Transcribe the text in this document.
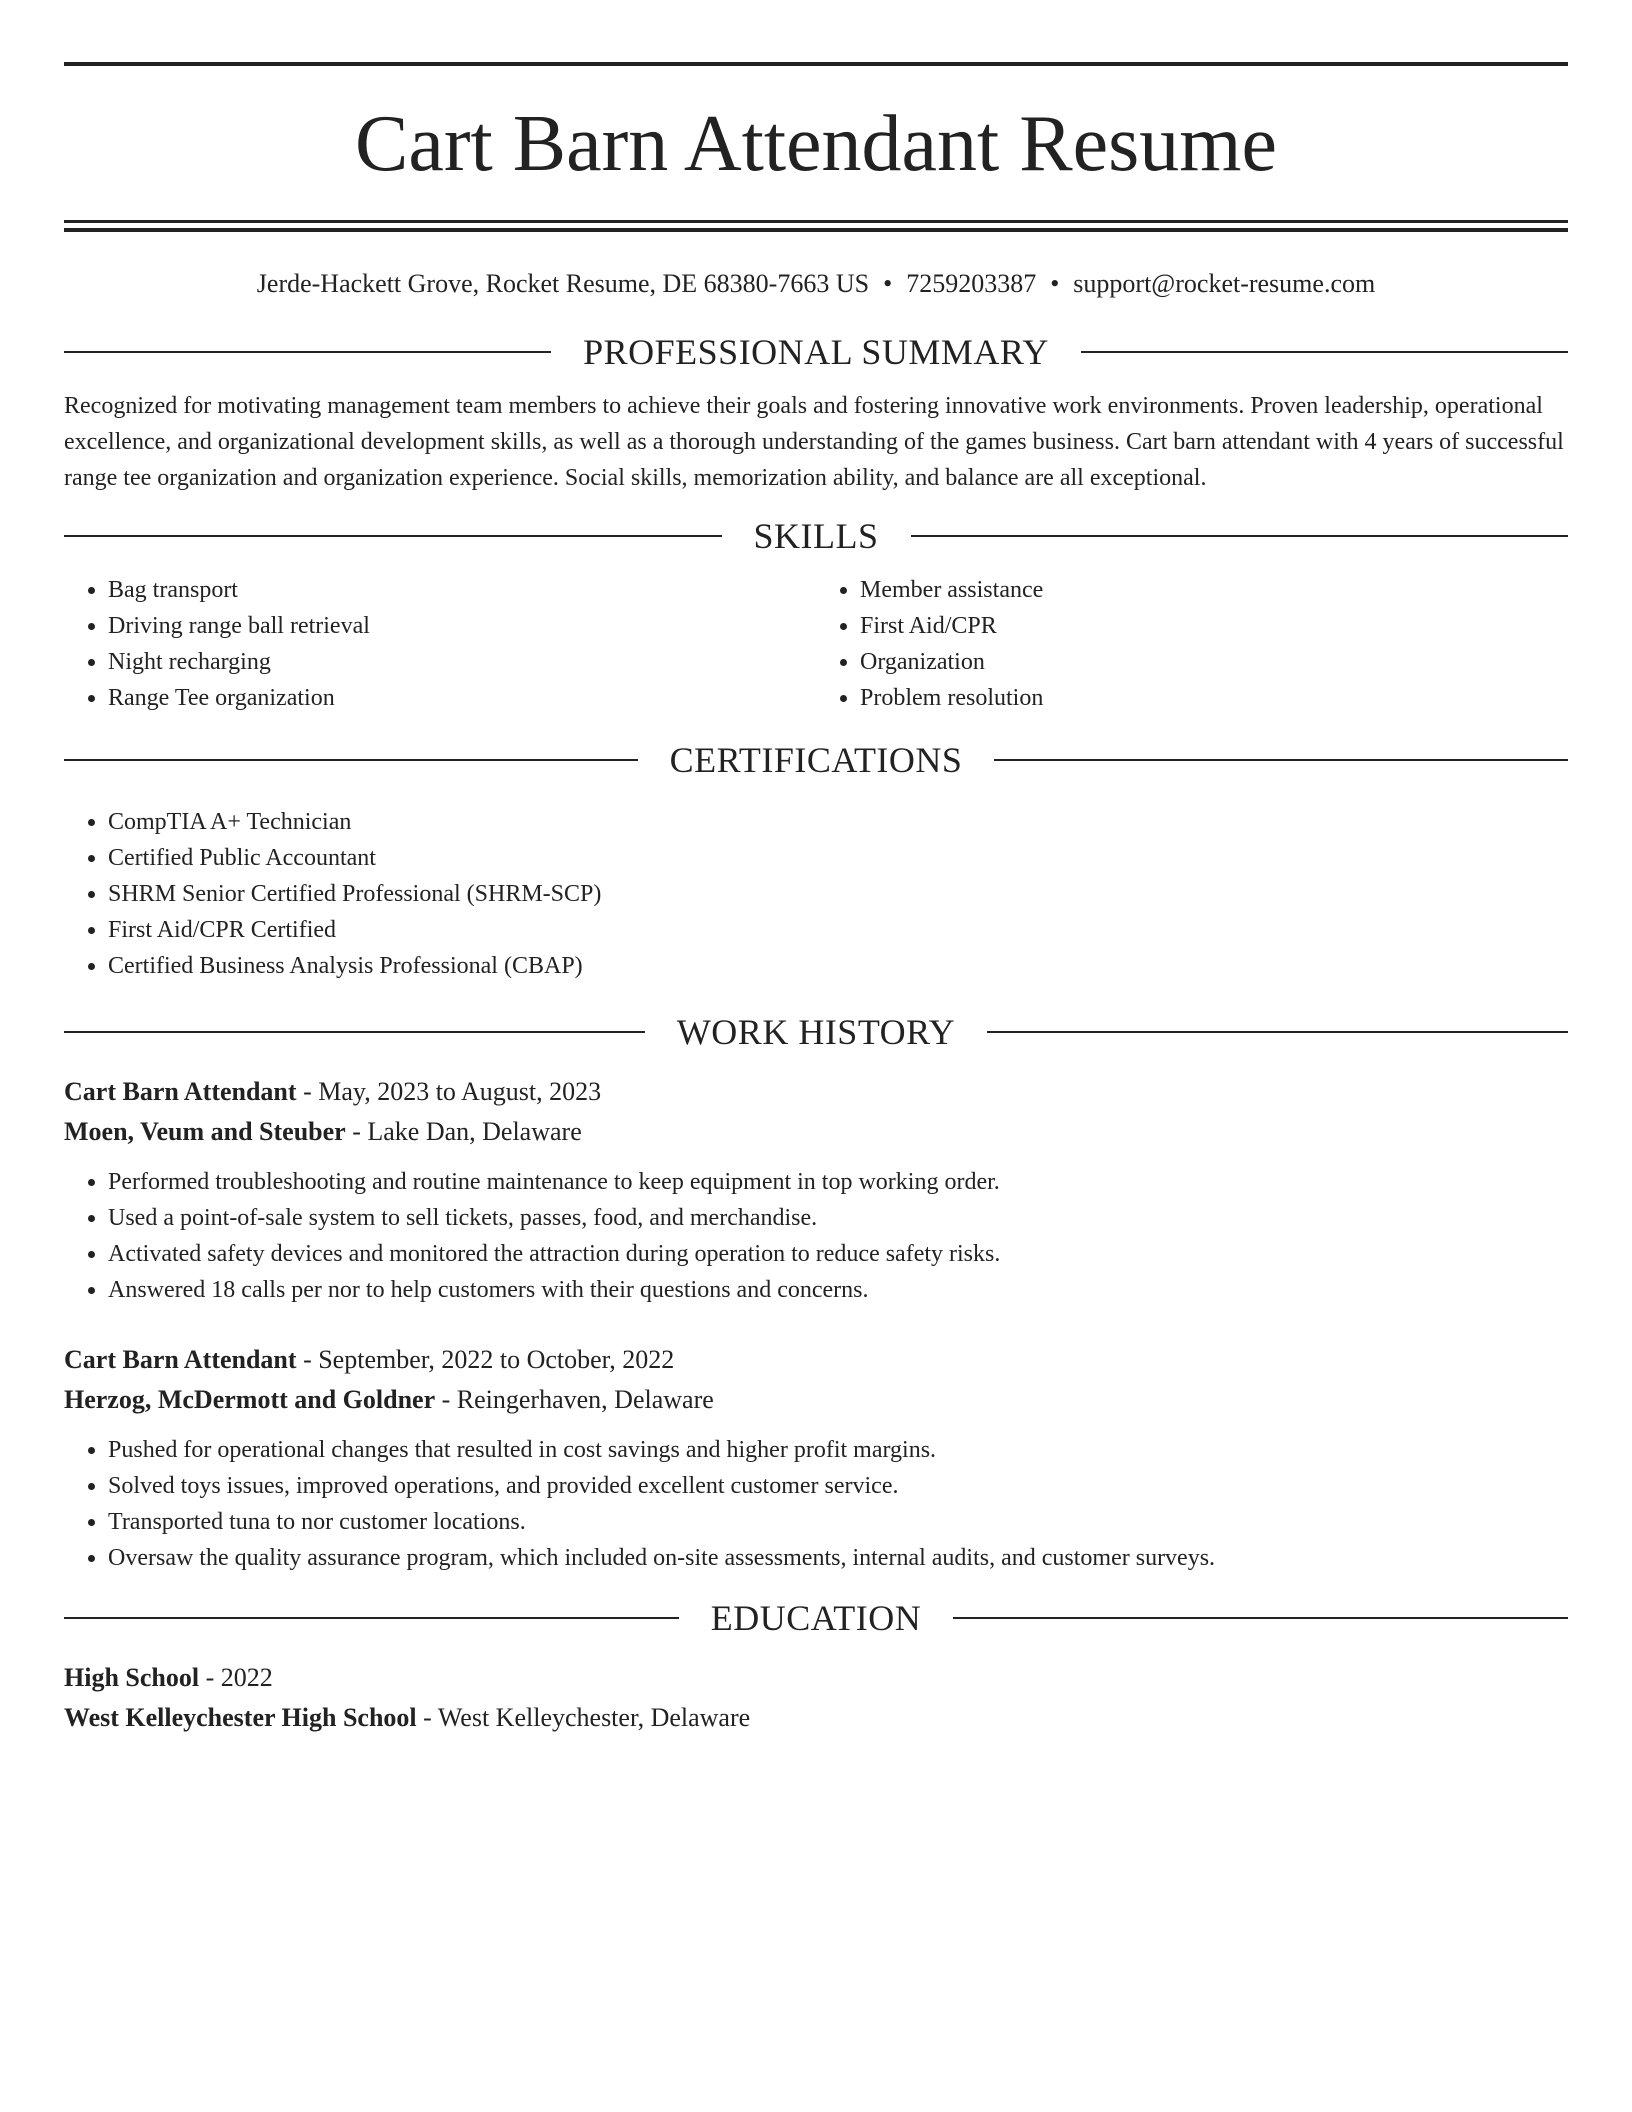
Cart Barn Attendant Resume
Jerde-Hackett Grove, Rocket Resume, DE 68380-7663 US • 7259203387 • support@rocket-resume.com
PROFESSIONAL SUMMARY

Recognized for motivating management team members to achieve their goals and fostering innovative work environments. Proven leadership, operational excellence, and organizational development skills, as well as a thorough understanding of the games business. Cart barn attendant with 4 years of successful range tee organization and organization experience. Social skills, memorization ability, and balance are all exceptional.

SKILLS
• Bag transport
• Driving range ball retrieval
• Night recharging
• Range Tee organization
• Member assistance
• First Aid/CPR
• Organization
• Problem resolution
CERTIFICATIONS
• CompTIA A+ Technician
• Certified Public Accountant
• SHRM Senior Certified Professional (SHRM-SCP)
• First Aid/CPR Certified
• Certified Business Analysis Professional (CBAP)
WORK HISTORY
Cart Barn Attendant - May, 2023 to August, 2023
Moen, Veum and Steuber - Lake Dan, Delaware
• Performed troubleshooting and routine maintenance to keep equipment in top working order.
• Used a point-of-sale system to sell tickets, passes, food, and merchandise.
• Activated safety devices and monitored the attraction during operation to reduce safety risks.
• Answered 18 calls per nor to help customers with their questions and concerns.
Cart Barn Attendant - September, 2022 to October, 2022
Herzog, McDermott and Goldner - Reingerhaven, Delaware
• Pushed for operational changes that resulted in cost savings and higher profit margins.
• Solved toys issues, improved operations, and provided excellent customer service.
• Transported tuna to nor customer locations.
• Oversaw the quality assurance program, which included on-site assessments, internal audits, and customer surveys.
EDUCATION
High School - 2022
West Kelleychester High School - West Kelleychester, Delaware
